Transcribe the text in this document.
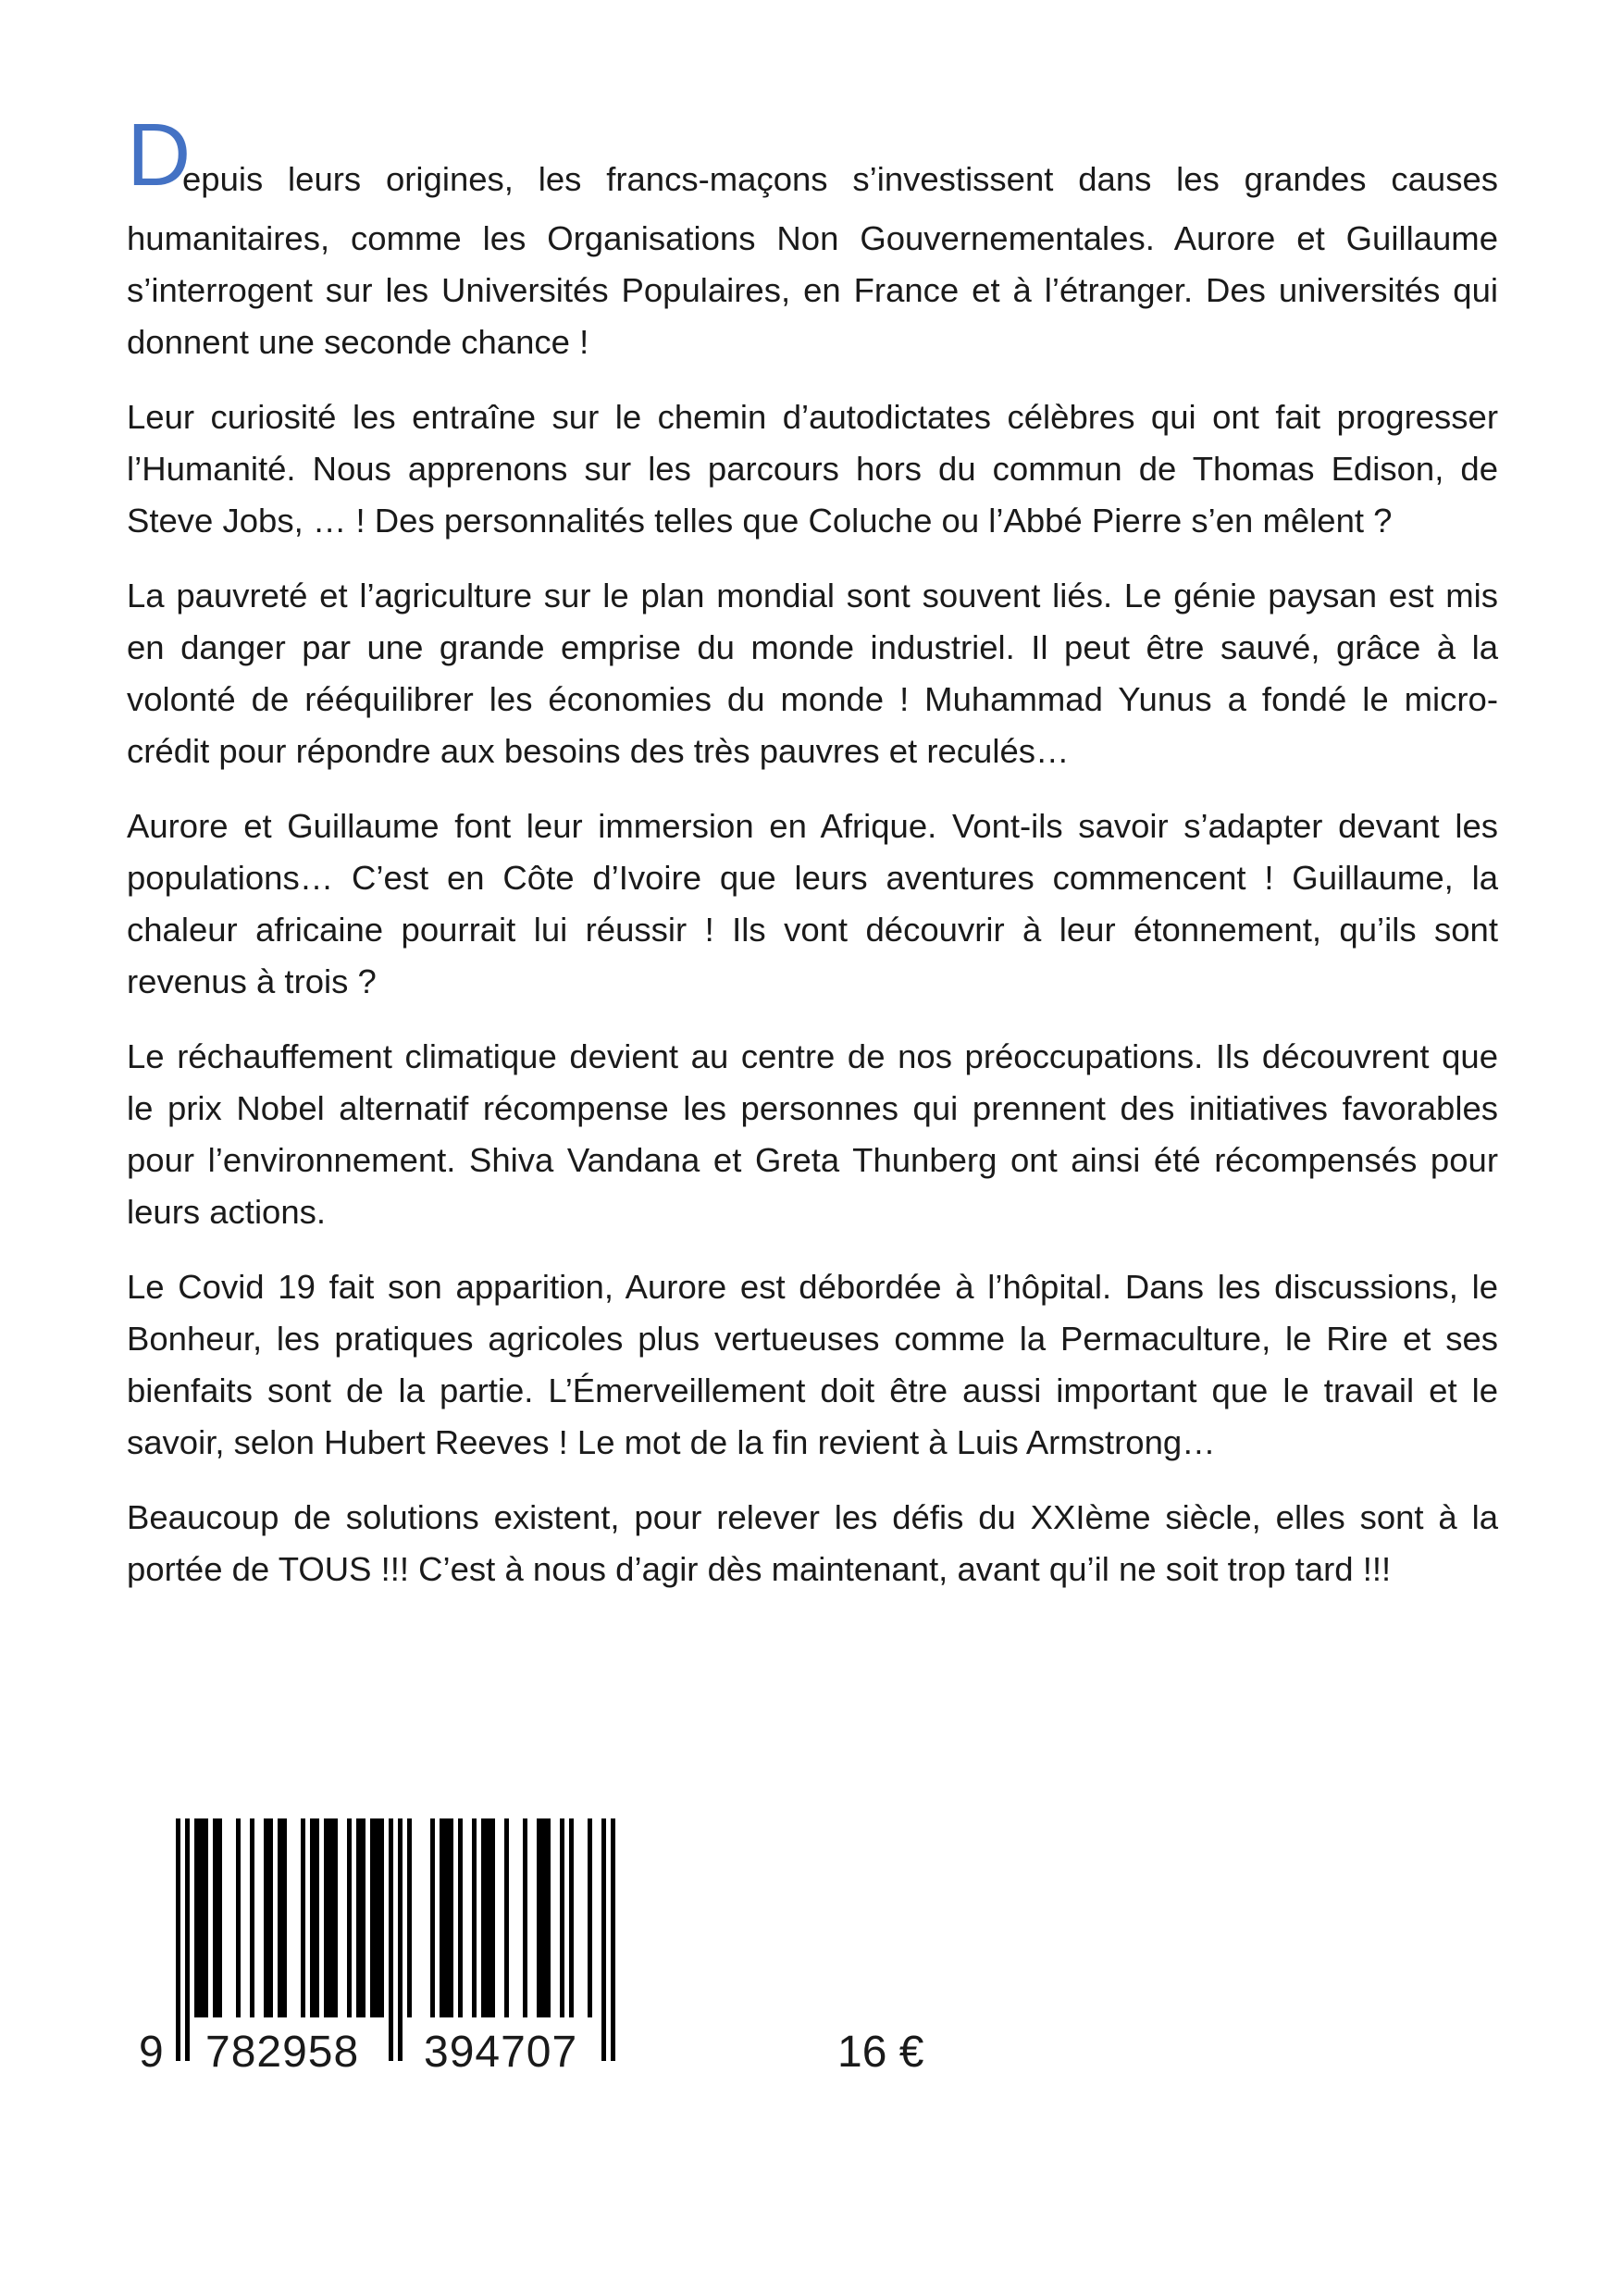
D
epuis leurs origines, les francs-maçons s’investissent dans les grandes causes
humanitaires, comme les Organisations Non Gouvernementales. Aurore et Guillaume s’interrogent sur les Universités Populaires, en France et à l’étranger. Des universités qui donnent une seconde chance !

Leur curiosité les entraîne sur le chemin d’autodictates célèbres qui ont fait progresser l’Humanité. Nous apprenons sur les parcours hors du commun de Thomas Edison, de Steve Jobs, … ! Des personnalités telles que Coluche ou l’Abbé Pierre s’en mêlent ?

La pauvreté et l’agriculture sur le plan mondial sont souvent liés. Le génie paysan est mis en danger par une grande emprise du monde industriel. Il peut être sauvé, grâce à la volonté de rééquilibrer les économies du monde ! Muhammad Yunus a fondé le micro-crédit pour répondre aux besoins des très pauvres et reculés…

Aurore et Guillaume font leur immersion en Afrique. Vont-ils savoir s’adapter devant les populations… C’est en Côte d’Ivoire que leurs aventures commencent ! Guillaume, la chaleur africaine pourrait lui réussir ! Ils vont découvrir à leur étonnement, qu’ils sont revenus à trois ?

Le réchauffement climatique devient au centre de nos préoccupations. Ils découvrent que le prix Nobel alternatif récompense les personnes qui prennent des initiatives favorables pour l’environnement. Shiva Vandana et Greta Thunberg ont ainsi été récompensés pour leurs actions.

Le Covid 19 fait son apparition, Aurore est débordée à l’hôpital. Dans les discussions, le Bonheur, les pratiques agricoles plus vertueuses comme la Permaculture, le Rire et ses bienfaits sont de la partie. L’Émerveillement doit être aussi important que le travail et le savoir, selon Hubert Reeves ! Le mot de la fin revient à Luis Armstrong…

Beaucoup de solutions existent, pour relever les défis du XXIème siècle, elles sont à la portée de TOUS !!! C’est à nous d’agir dès maintenant, avant qu’il ne soit trop tard !!!

9 782958 394707	16 €
